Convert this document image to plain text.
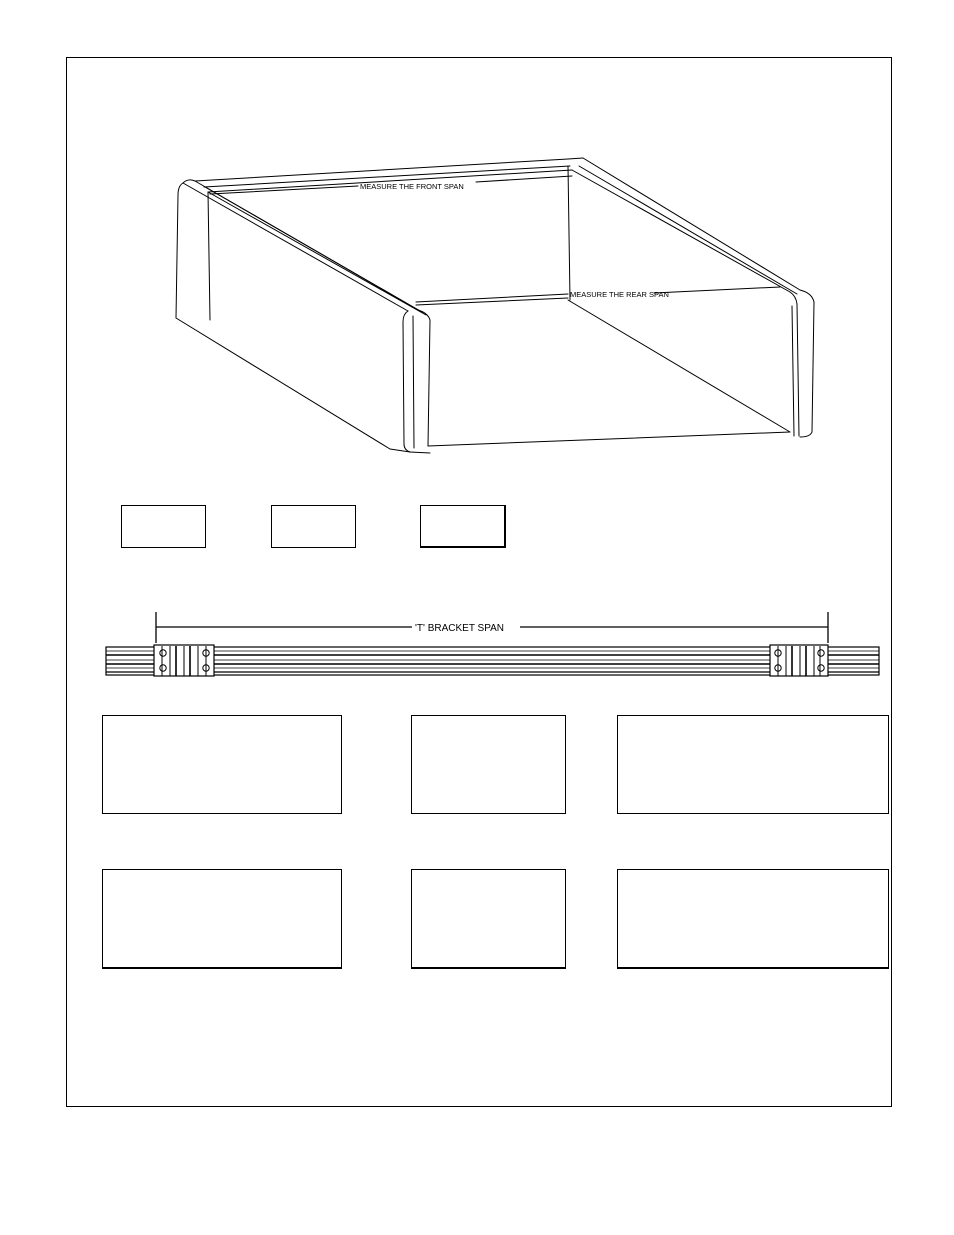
MEASURE THE FRONT SPAN
MEASURE THE REAR SPAN
'T' BRACKET SPAN
